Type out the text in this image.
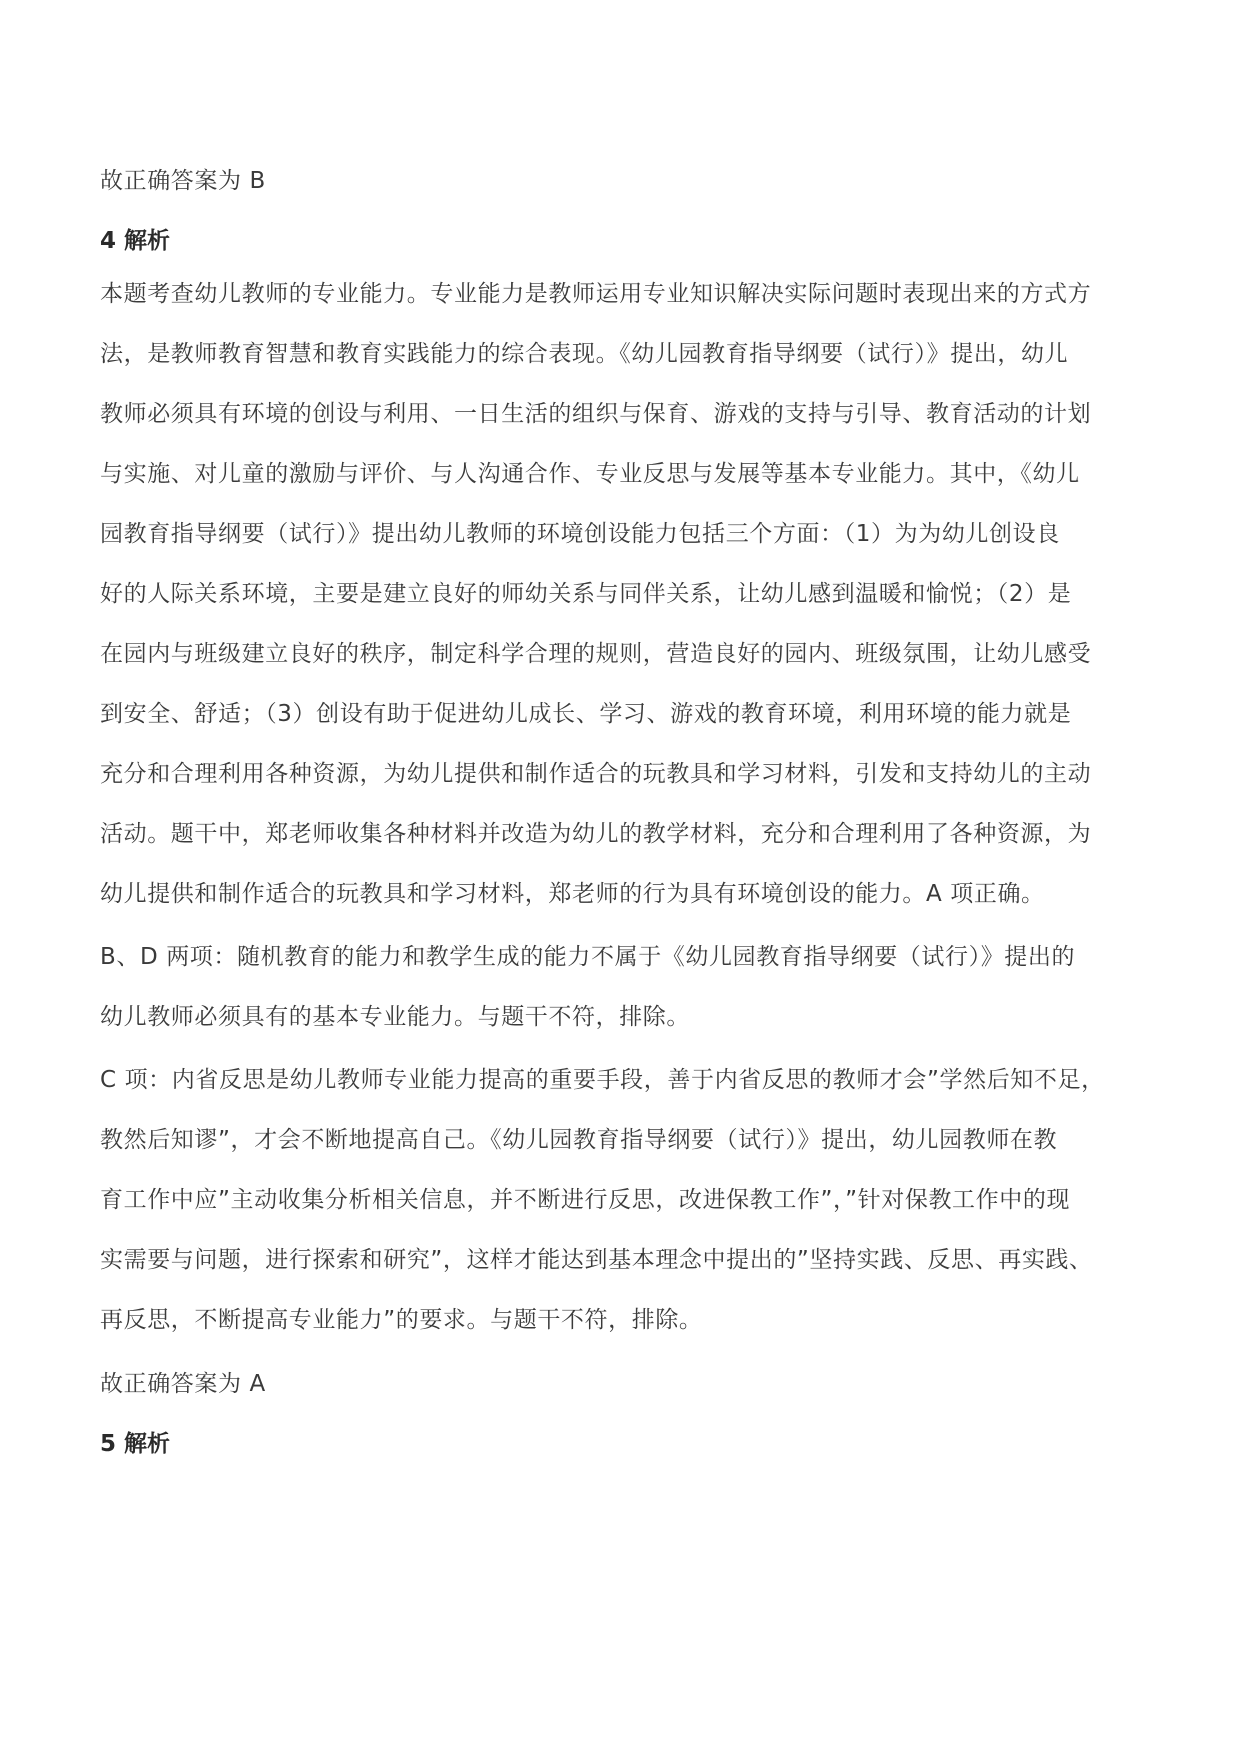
故正确答案为 B
4 解析
本题考查幼儿教师的专业能力。专业能力是教师运用专业知识解决实际问题时表现出来的方式方
法，是教师教育智慧和教育实践能力的综合表现。《幼儿园教育指导纲要（试行）》提出，幼儿
教师必须具有环境的创设与利用、一日生活的组织与保育、游戏的支持与引导、教育活动的计划
与实施、对儿童的激励与评价、与人沟通合作、专业反思与发展等基本专业能力。其中，《幼儿
园教育指导纲要（试行）》提出幼儿教师的环境创设能力包括三个方面：（1）为为幼儿创设良
好的人际关系环境，主要是建立良好的师幼关系与同伴关系，让幼儿感到温暖和愉悦；（2）是
在园内与班级建立良好的秩序，制定科学合理的规则，营造良好的园内、班级氛围，让幼儿感受
到安全、舒适；（3）创设有助于促进幼儿成长、学习、游戏的教育环境，利用环境的能力就是
充分和合理利用各种资源，为幼儿提供和制作适合的玩教具和学习材料，引发和支持幼儿的主动
活动。题干中，郑老师收集各种材料并改造为幼儿的教学材料，充分和合理利用了各种资源，为
幼儿提供和制作适合的玩教具和学习材料，郑老师的行为具有环境创设的能力。A 项正确。
B、D 两项：随机教育的能力和教学生成的能力不属于《幼儿园教育指导纲要（试行）》提出的
幼儿教师必须具有的基本专业能力。与题干不符，排除。
C 项：内省反思是幼儿教师专业能力提高的重要手段，善于内省反思的教师才会”学然后知不足，
教然后知谬”，才会不断地提高自己。《幼儿园教育指导纲要（试行）》提出，幼儿园教师在教
育工作中应”主动收集分析相关信息，并不断进行反思，改进保教工作”，”针对保教工作中的现
实需要与问题，进行探索和研究”，这样才能达到基本理念中提出的”坚持实践、反思、再实践、
再反思，不断提高专业能力”的要求。与题干不符，排除。
故正确答案为 A
5 解析
